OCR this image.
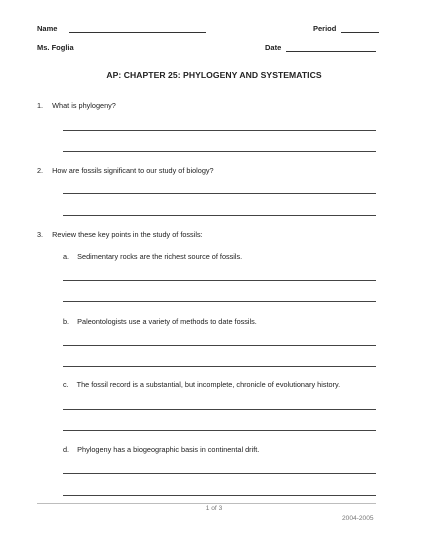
Name	Period
Ms. Foglia	Date
AP: CHAPTER 25: PHYLOGENY AND SYSTEMATICS
1. What is phylogeny?
2. How are fossils significant to our study of biology?
3. Review these key points in the study of fossils:
a. Sedimentary rocks are the richest source of fossils.
b. Paleontologists use a variety of methods to date fossils.
c. The fossil record is a substantial, but incomplete, chronicle of evolutionary history.
d. Phylogeny has a biogeographic basis in continental drift.
1 of 3
2004-2005
